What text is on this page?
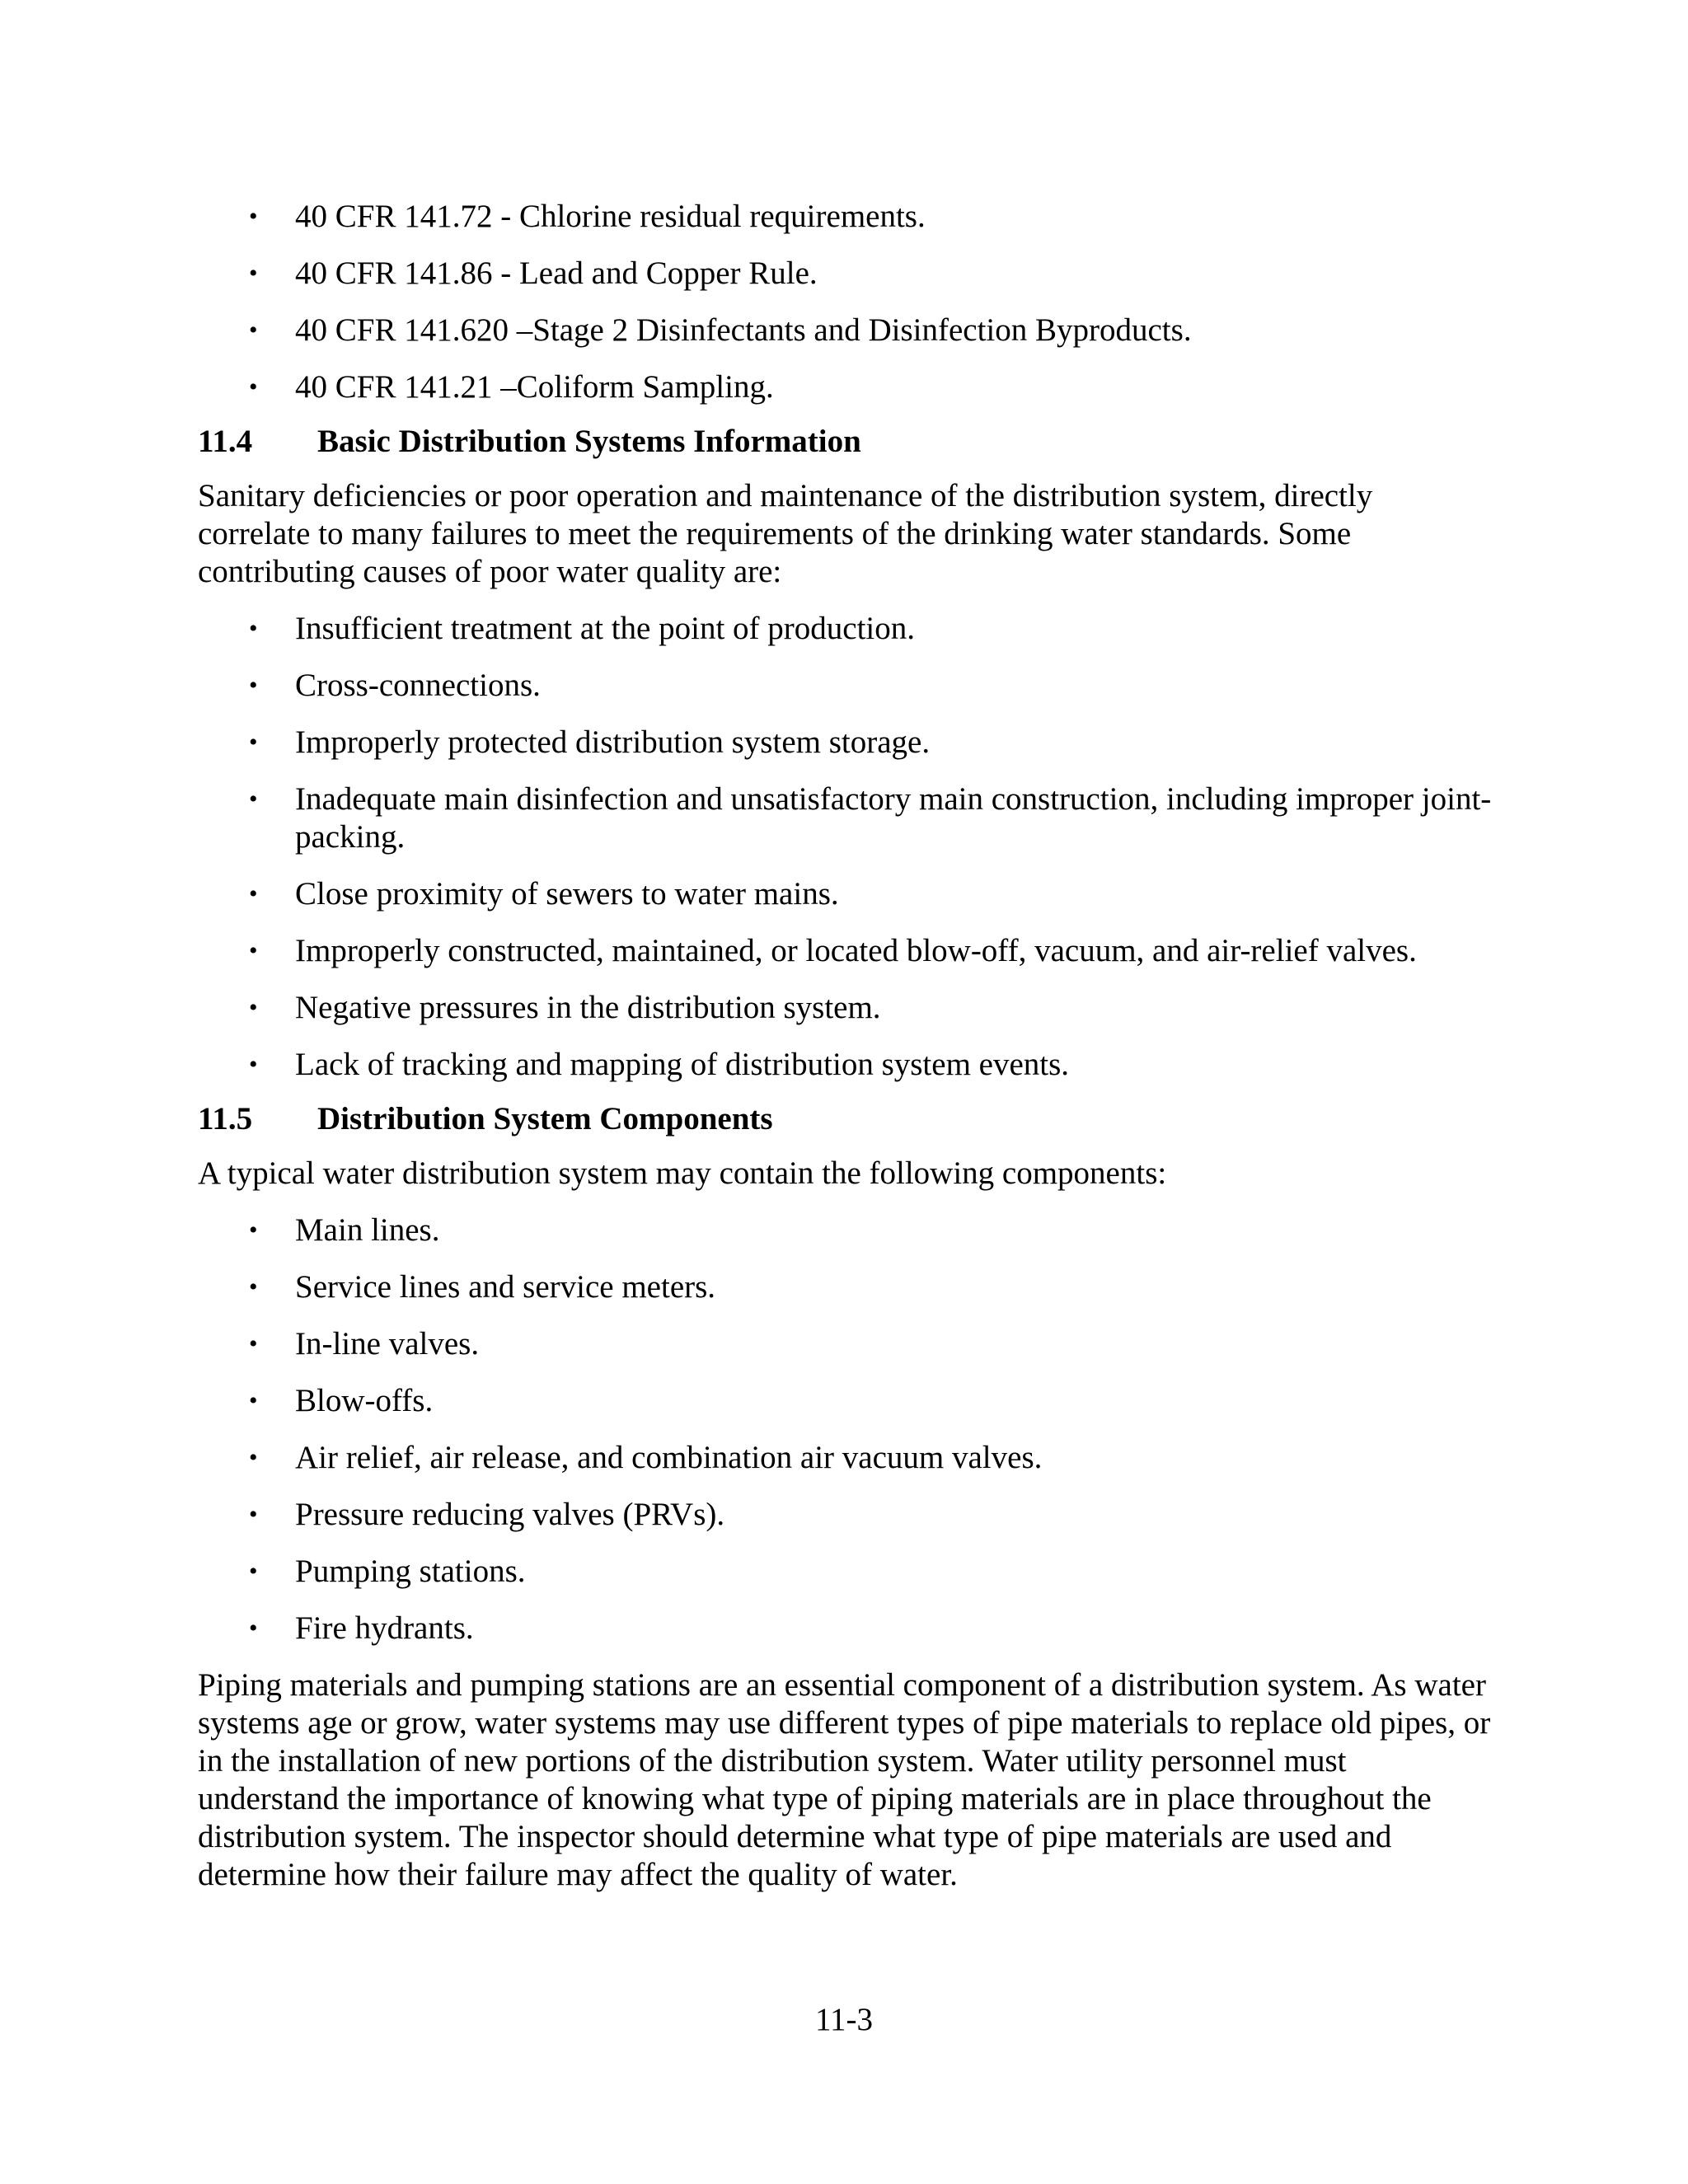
• 40 CFR 141.72 - Chlorine residual requirements.
• 40 CFR 141.86 - Lead and Copper Rule.
• 40 CFR 141.620 –Stage 2 Disinfectants and Disinfection Byproducts.
• 40 CFR 141.21 –Coliform Sampling.
11.4 Basic Distribution Systems Information

Sanitary deficiencies or poor operation and maintenance of the distribution system, directly correlate to many failures to meet the requirements of the drinking water standards. Some contributing causes of poor water quality are:

• Insufficient treatment at the point of production.
• Cross-connections.
• Improperly protected distribution system storage.
• Inadequate main disinfection and unsatisfactory main construction, including improper joint-packing.
• Close proximity of sewers to water mains.
• Improperly constructed, maintained, or located blow-off, vacuum, and air-relief valves.
• Negative pressures in the distribution system.
• Lack of tracking and mapping of distribution system events.
11.5 Distribution System Components

A typical water distribution system may contain the following components:

• Main lines.
• Service lines and service meters.
• In-line valves.
• Blow-offs.
• Air relief, air release, and combination air vacuum valves.
• Pressure reducing valves (PRVs).
• Pumping stations.
• Fire hydrants.

Piping materials and pumping stations are an essential component of a distribution system. As water systems age or grow, water systems may use different types of pipe materials to replace old pipes, or in the installation of new portions of the distribution system. Water utility personnel must understand the importance of knowing what type of piping materials are in place throughout the distribution system. The inspector should determine what type of pipe materials are used and determine how their failure may affect the quality of water.

11-3
